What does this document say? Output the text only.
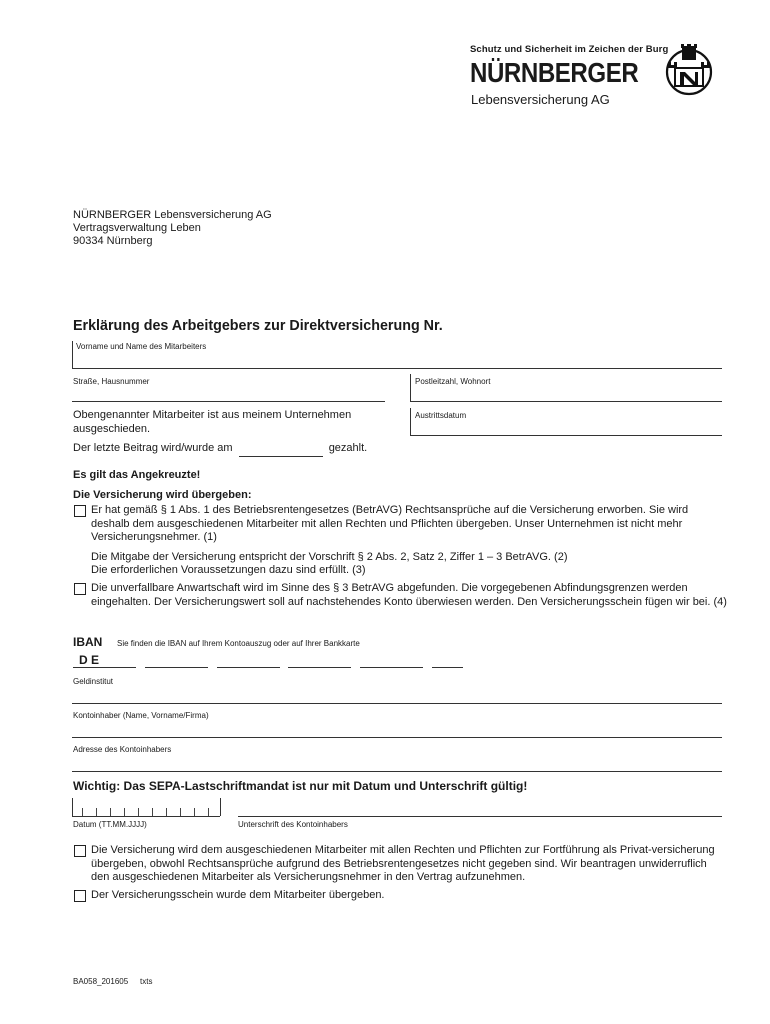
Schutz und Sicherheit im Zeichen der Burg
NÜRNBERGER
Lebensversicherung AG
NÜRNBERGER Lebensversicherung AG
Vertragsverwaltung Leben
90334 Nürnberg
Erklärung des Arbeitgebers zur Direktversicherung Nr.
Vorname und Name des Mitarbeiters
Straße, Hausnummer	Postleitzahl, Wohnort
Obengenannter Mitarbeiter ist aus meinem Unternehmen ausgeschieden.
Austrittsdatum
Der letzte Beitrag wird/wurde am	gezahlt.
Es gilt das Angekreuzte!
Die Versicherung wird übergeben:
Er hat gemäß § 1 Abs. 1 des Betriebsrentengesetzes (BetrAVG) Rechtsansprüche auf die Versicherung erworben. Sie wird deshalb dem ausgeschiedenen Mitarbeiter mit allen Rechten und Pflichten übergeben. Unser Unternehmen ist nicht mehr Versicherungsnehmer. (1)
Die Mitgabe der Versicherung entspricht der Vorschrift § 2 Abs. 2, Satz 2, Ziffer 1 – 3 BetrAVG. (2)
Die erforderlichen Voraussetzungen dazu sind erfüllt. (3)
Die unverfallbare Anwartschaft wird im Sinne des § 3 BetrAVG abgefunden. Die vorgegebenen Abfindungsgrenzen werden eingehalten. Der Versicherungswert soll auf nachstehendes Konto überwiesen werden. Den Versicherungsschein fügen wir bei. (4)
IBAN Sie finden die IBAN auf Ihrem Kontoauszug oder auf Ihrer Bankkarte
D E
Geldinstitut
Kontoinhaber (Name, Vorname/Firma)
Adresse des Kontoinhabers
Wichtig: Das SEPA-Lastschriftmandat ist nur mit Datum und Unterschrift gültig!
Datum (TT.MM.JJJJ)	Unterschrift des Kontoinhabers
Die Versicherung wird dem ausgeschiedenen Mitarbeiter mit allen Rechten und Pflichten zur Fortführung als Privat-versicherung übergeben, obwohl Rechtsansprüche aufgrund des Betriebsrentengesetzes nicht gegeben sind. Wir beantragen unwiderruflich den ausgeschiedenen Mitarbeiter als Versicherungsnehmer in den Vertrag aufzunehmen.
Der Versicherungsschein wurde dem Mitarbeiter übergeben.
BA058_201605 txts
